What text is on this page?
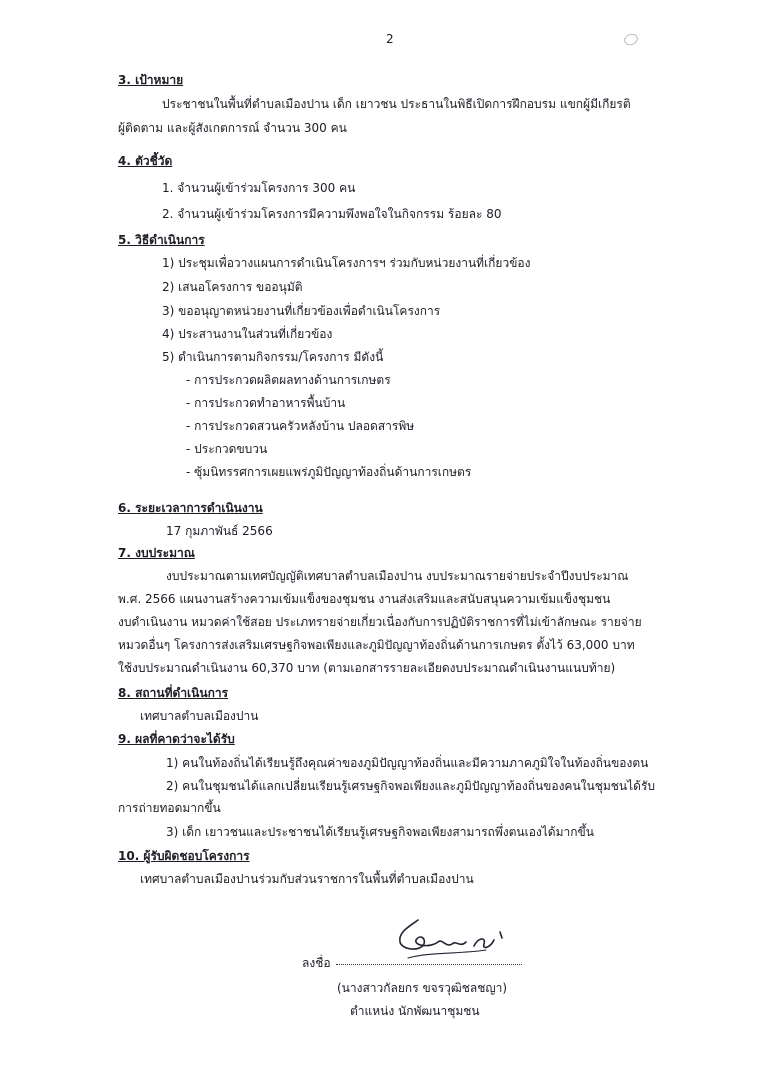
2
3. เป้าหมาย
ประชาชนในพื้นที่ตำบลเมืองปาน เด็ก เยาวชน ประธานในพิธีเปิดการฝึกอบรม แขกผู้มีเกียรติ
ผู้ติดตาม และผู้สังเกตการณ์ จำนวน 300 คน
4. ตัวชี้วัด
1. จำนวนผู้เข้าร่วมโครงการ 300 คน
2. จำนวนผู้เข้าร่วมโครงการมีความพึงพอใจในกิจกรรม ร้อยละ 80
5. วิธีดำเนินการ
1) ประชุมเพื่อวางแผนการดำเนินโครงการฯ ร่วมกับหน่วยงานที่เกี่ยวข้อง
2) เสนอโครงการ ขออนุมัติ
3) ขออนุญาตหน่วยงานที่เกี่ยวข้องเพื่อดำเนินโครงการ
4) ประสานงานในส่วนที่เกี่ยวข้อง
5) ดำเนินการตามกิจกรรม/โครงการ มีดังนี้
- การประกวดผลิตผลทางด้านการเกษตร
- การประกวดทำอาหารพื้นบ้าน
- การประกวดสวนครัวหลังบ้าน ปลอดสารพิษ
- ประกวดขบวน
- ซุ้มนิทรรศการเผยแพร่ภูมิปัญญาท้องถิ่นด้านการเกษตร
6. ระยะเวลาการดำเนินงาน
17 กุมภาพันธ์ 2566
7. งบประมาณ
งบประมาณตามเทศบัญญัติเทศบาลตำบลเมืองปาน งบประมาณรายจ่ายประจำปีงบประมาณ
พ.ศ. 2566 แผนงานสร้างความเข้มแข็งของชุมชน งานส่งเสริมและสนับสนุนความเข้มแข็งชุมชน
งบดำเนินงาน หมวดค่าใช้สอย ประเภทรายจ่ายเกี่ยวเนื่องกับการปฏิบัติราชการที่ไม่เข้าลักษณะ รายจ่าย
หมวดอื่นๆ โครงการส่งเสริมเศรษฐกิจพอเพียงและภูมิปัญญาท้องถิ่นด้านการเกษตร ตั้งไว้ 63,000 บาท
ใช้งบประมาณดำเนินงาน 60,370 บาท (ตามเอกสารรายละเอียดงบประมาณดำเนินงานแนบท้าย)
8. สถานที่ดำเนินการ
เทศบาลตำบลเมืองปาน
9. ผลที่คาดว่าจะได้รับ
1) คนในท้องถิ่นได้เรียนรู้ถึงคุณค่าของภูมิปัญญาท้องถิ่นและมีความภาคภูมิใจในท้องถิ่นของตน
2) คนในชุมชนได้แลกเปลี่ยนเรียนรู้เศรษฐกิจพอเพียงและภูมิปัญญาท้องถิ่นของคนในชุมชนได้รับ
การถ่ายทอดมากขึ้น
3) เด็ก เยาวชนและประชาชนได้เรียนรู้เศรษฐกิจพอเพียงสามารถพึ่งตนเองได้มากขึ้น
10. ผู้รับผิดชอบโครงการ
เทศบาลตำบลเมืองปานร่วมกับส่วนราชการในพื้นที่ตำบลเมืองปาน
ลงชื่อ
(นางสาวกัลยกร ขจรวุฒิชลชญา)
ตำแหน่ง นักพัฒนาชุมชน
